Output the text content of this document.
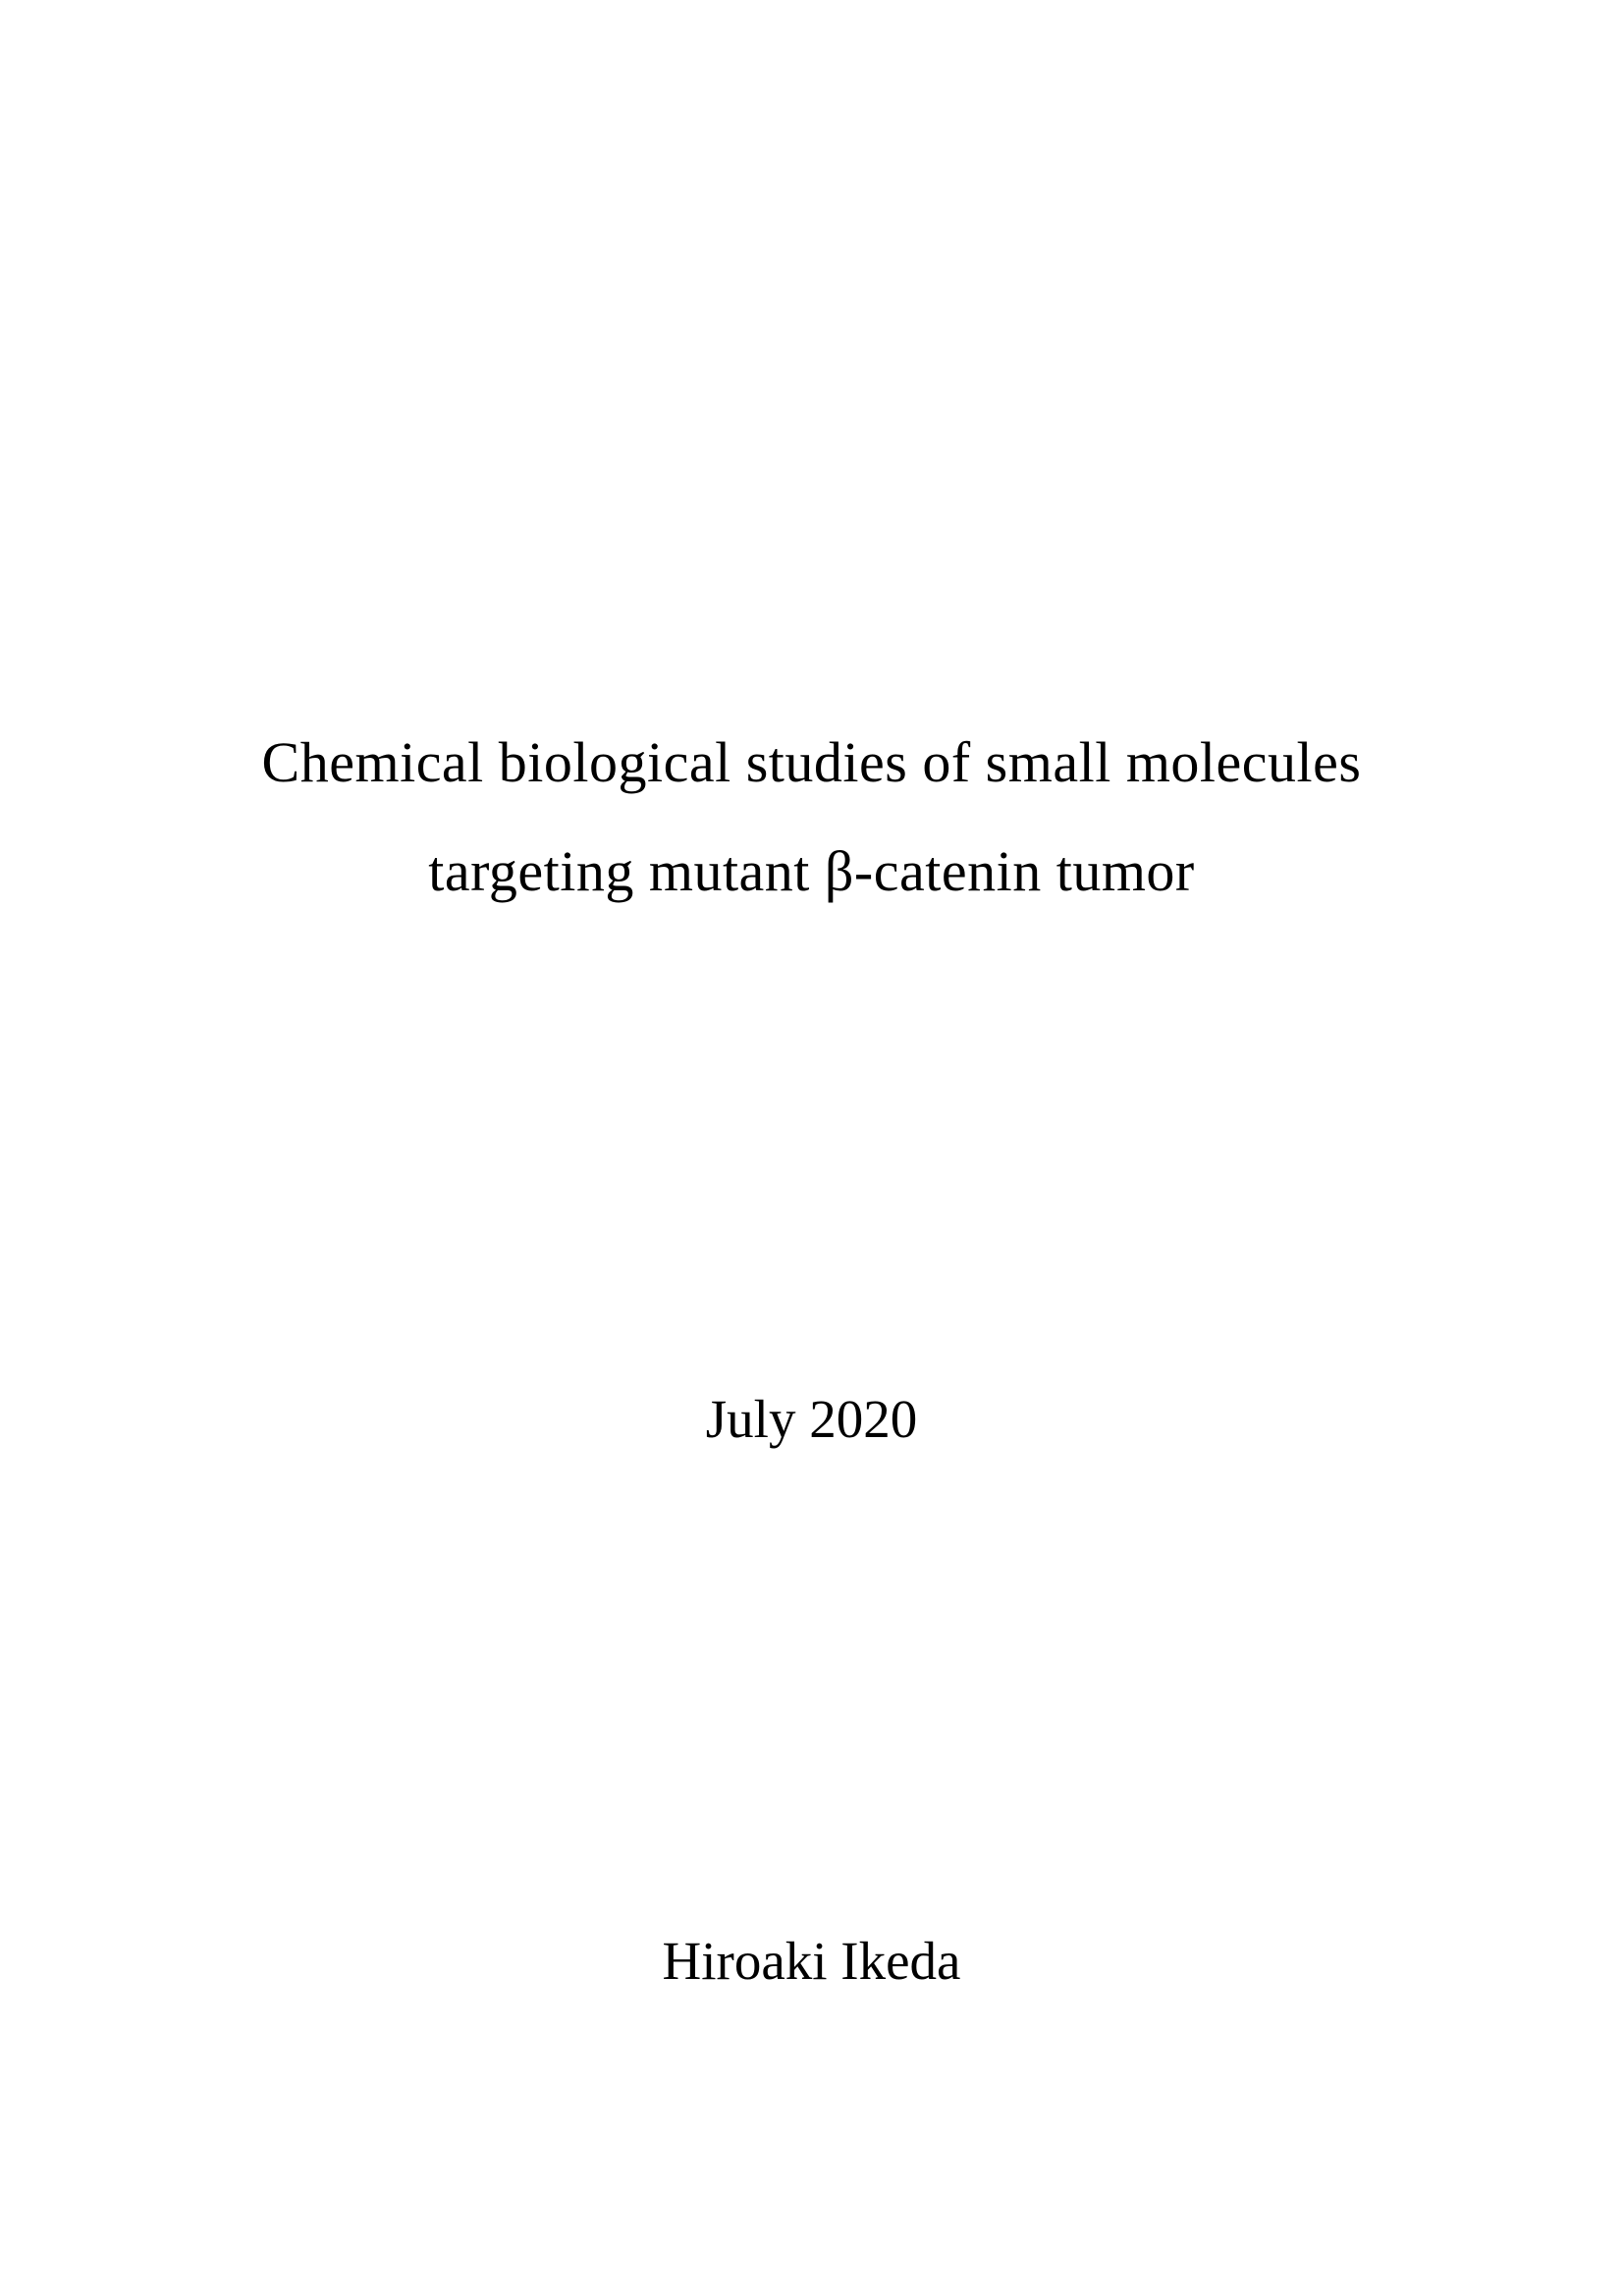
Chemical biological studies of small molecules
targeting mutant β-catenin tumor
July 2020
Hiroaki Ikeda
